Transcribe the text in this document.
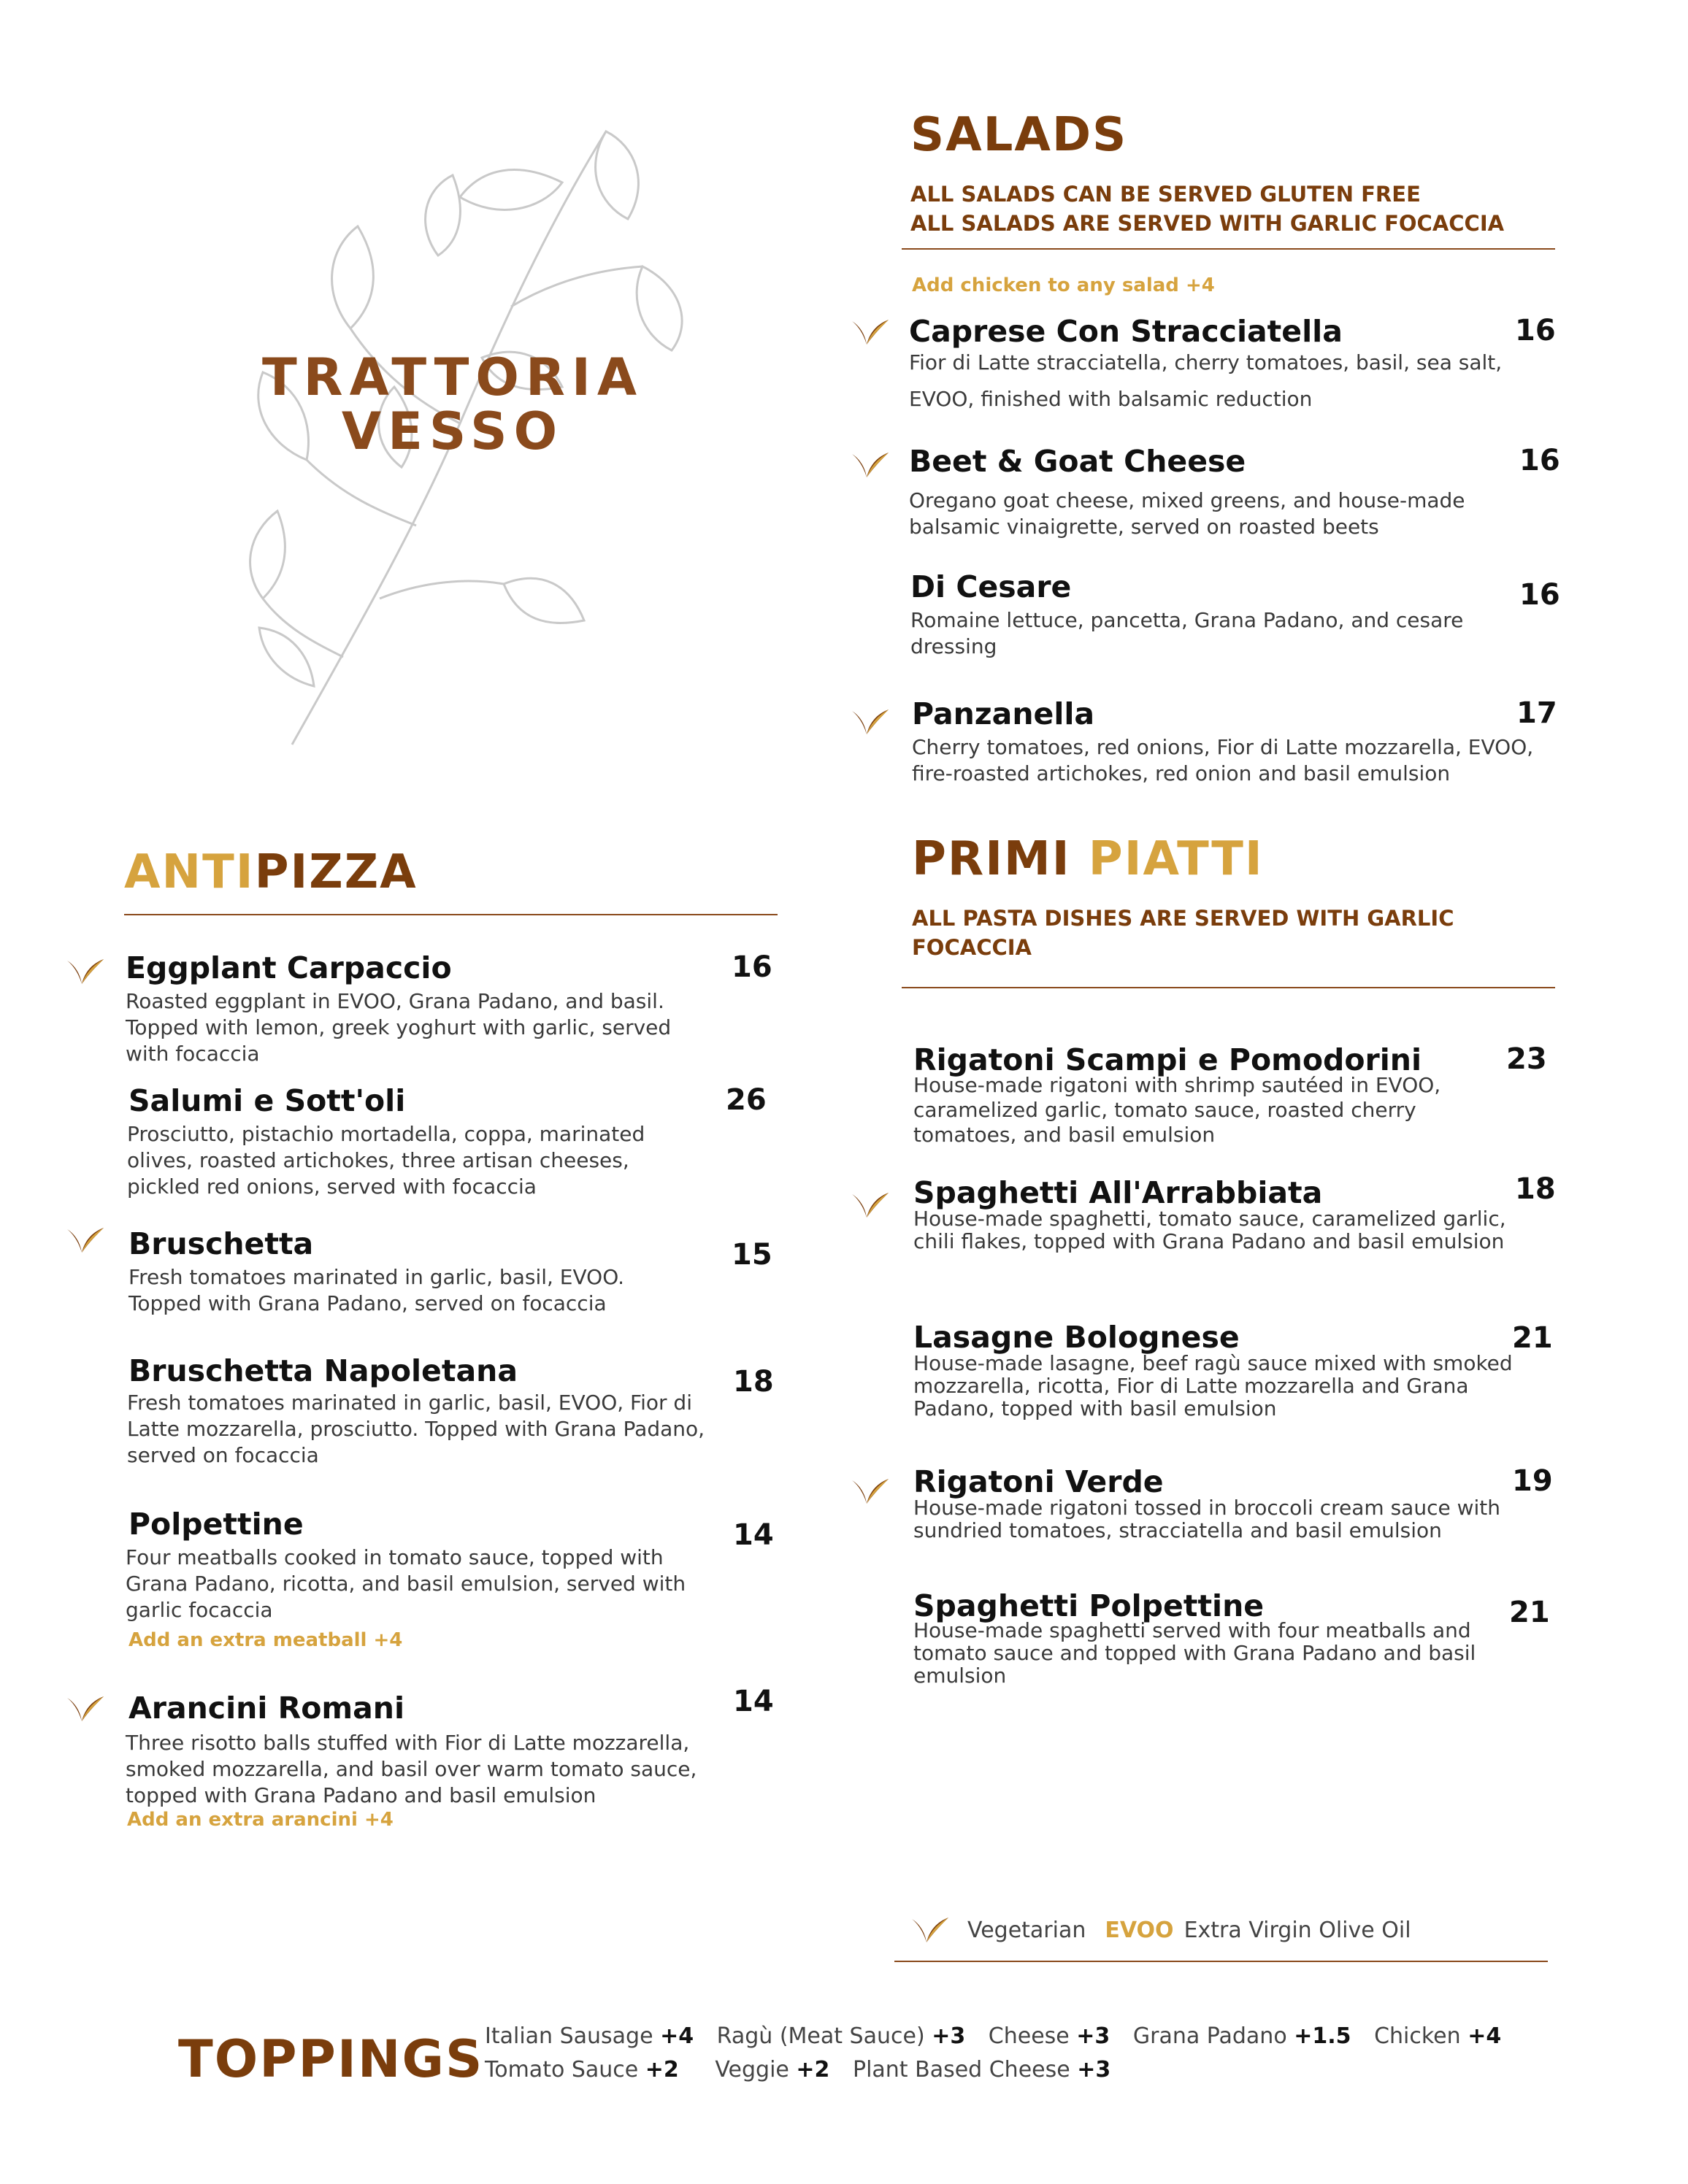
TRATTORIA
VESSO
SALADS
ALL SALADS CAN BE SERVED GLUTEN FREE
ALL SALADS ARE SERVED WITH GARLIC FOCACCIA
Add chicken to any salad +4
Caprese Con Stracciatella	16
Fior di Latte stracciatella, cherry tomatoes, basil, sea salt, EVOO, finished with balsamic reduction
Beet & Goat Cheese	16
Oregano goat cheese, mixed greens, and house-made balsamic vinaigrette, served on roasted beets
Di Cesare	16
Romaine lettuce, pancetta, Grana Padano, and cesare dressing
Panzanella	17
Cherry tomatoes, red onions, Fior di Latte mozzarella, EVOO, fire-roasted artichokes, red onion and basil emulsion
ANTIPIZZA
Eggplant Carpaccio	16
Roasted eggplant in EVOO, Grana Padano, and basil. Topped with lemon, greek yoghurt with garlic, served with focaccia
Salumi e Sott'oli	26
Prosciutto, pistachio mortadella, coppa, marinated olives, roasted artichokes, three artisan cheeses, pickled red onions, served with focaccia
Bruschetta	15
Fresh tomatoes marinated in garlic, basil, EVOO. Topped with Grana Padano, served on focaccia
Bruschetta Napoletana	18
Fresh tomatoes marinated in garlic, basil, EVOO, Fior di Latte mozzarella, prosciutto. Topped with Grana Padano, served on focaccia
Polpettine	14
Four meatballs cooked in tomato sauce, topped with Grana Padano, ricotta, and basil emulsion, served with garlic focaccia
Add an extra meatball +4
Arancini Romani	14
Three risotto balls stuffed with Fior di Latte mozzarella, smoked mozzarella, and basil over warm tomato sauce, topped with Grana Padano and basil emulsion
Add an extra arancini +4
PRIMI PIATTI
ALL PASTA DISHES ARE SERVED WITH GARLIC
FOCACCIA
Rigatoni Scampi e Pomodorini	23
House-made rigatoni with shrimp sautéed in EVOO, caramelized garlic, tomato sauce, roasted cherry tomatoes, and basil emulsion
Spaghetti All'Arrabbiata	18
House-made spaghetti, tomato sauce, caramelized garlic, chili flakes, topped with Grana Padano and basil emulsion
Lasagne Bolognese	21
House-made lasagne, beef ragù sauce mixed with smoked mozzarella, ricotta, Fior di Latte mozzarella and Grana Padano, topped with basil emulsion
Rigatoni Verde	19
House-made rigatoni tossed in broccoli cream sauce with sundried tomatoes, stracciatella and basil emulsion
Spaghetti Polpettine	21
House-made spaghetti served with four meatballs and tomato sauce and topped with Grana Padano and basil emulsion
Vegetarian EVOO Extra Virgin Olive Oil
TOPPINGS Italian Sausage +4 Ragù (Meat Sauce) +3 Cheese +3 Grana Padano +1.5 Chicken +4
Tomato Sauce +2 Veggie +2 Plant Based Cheese +3
